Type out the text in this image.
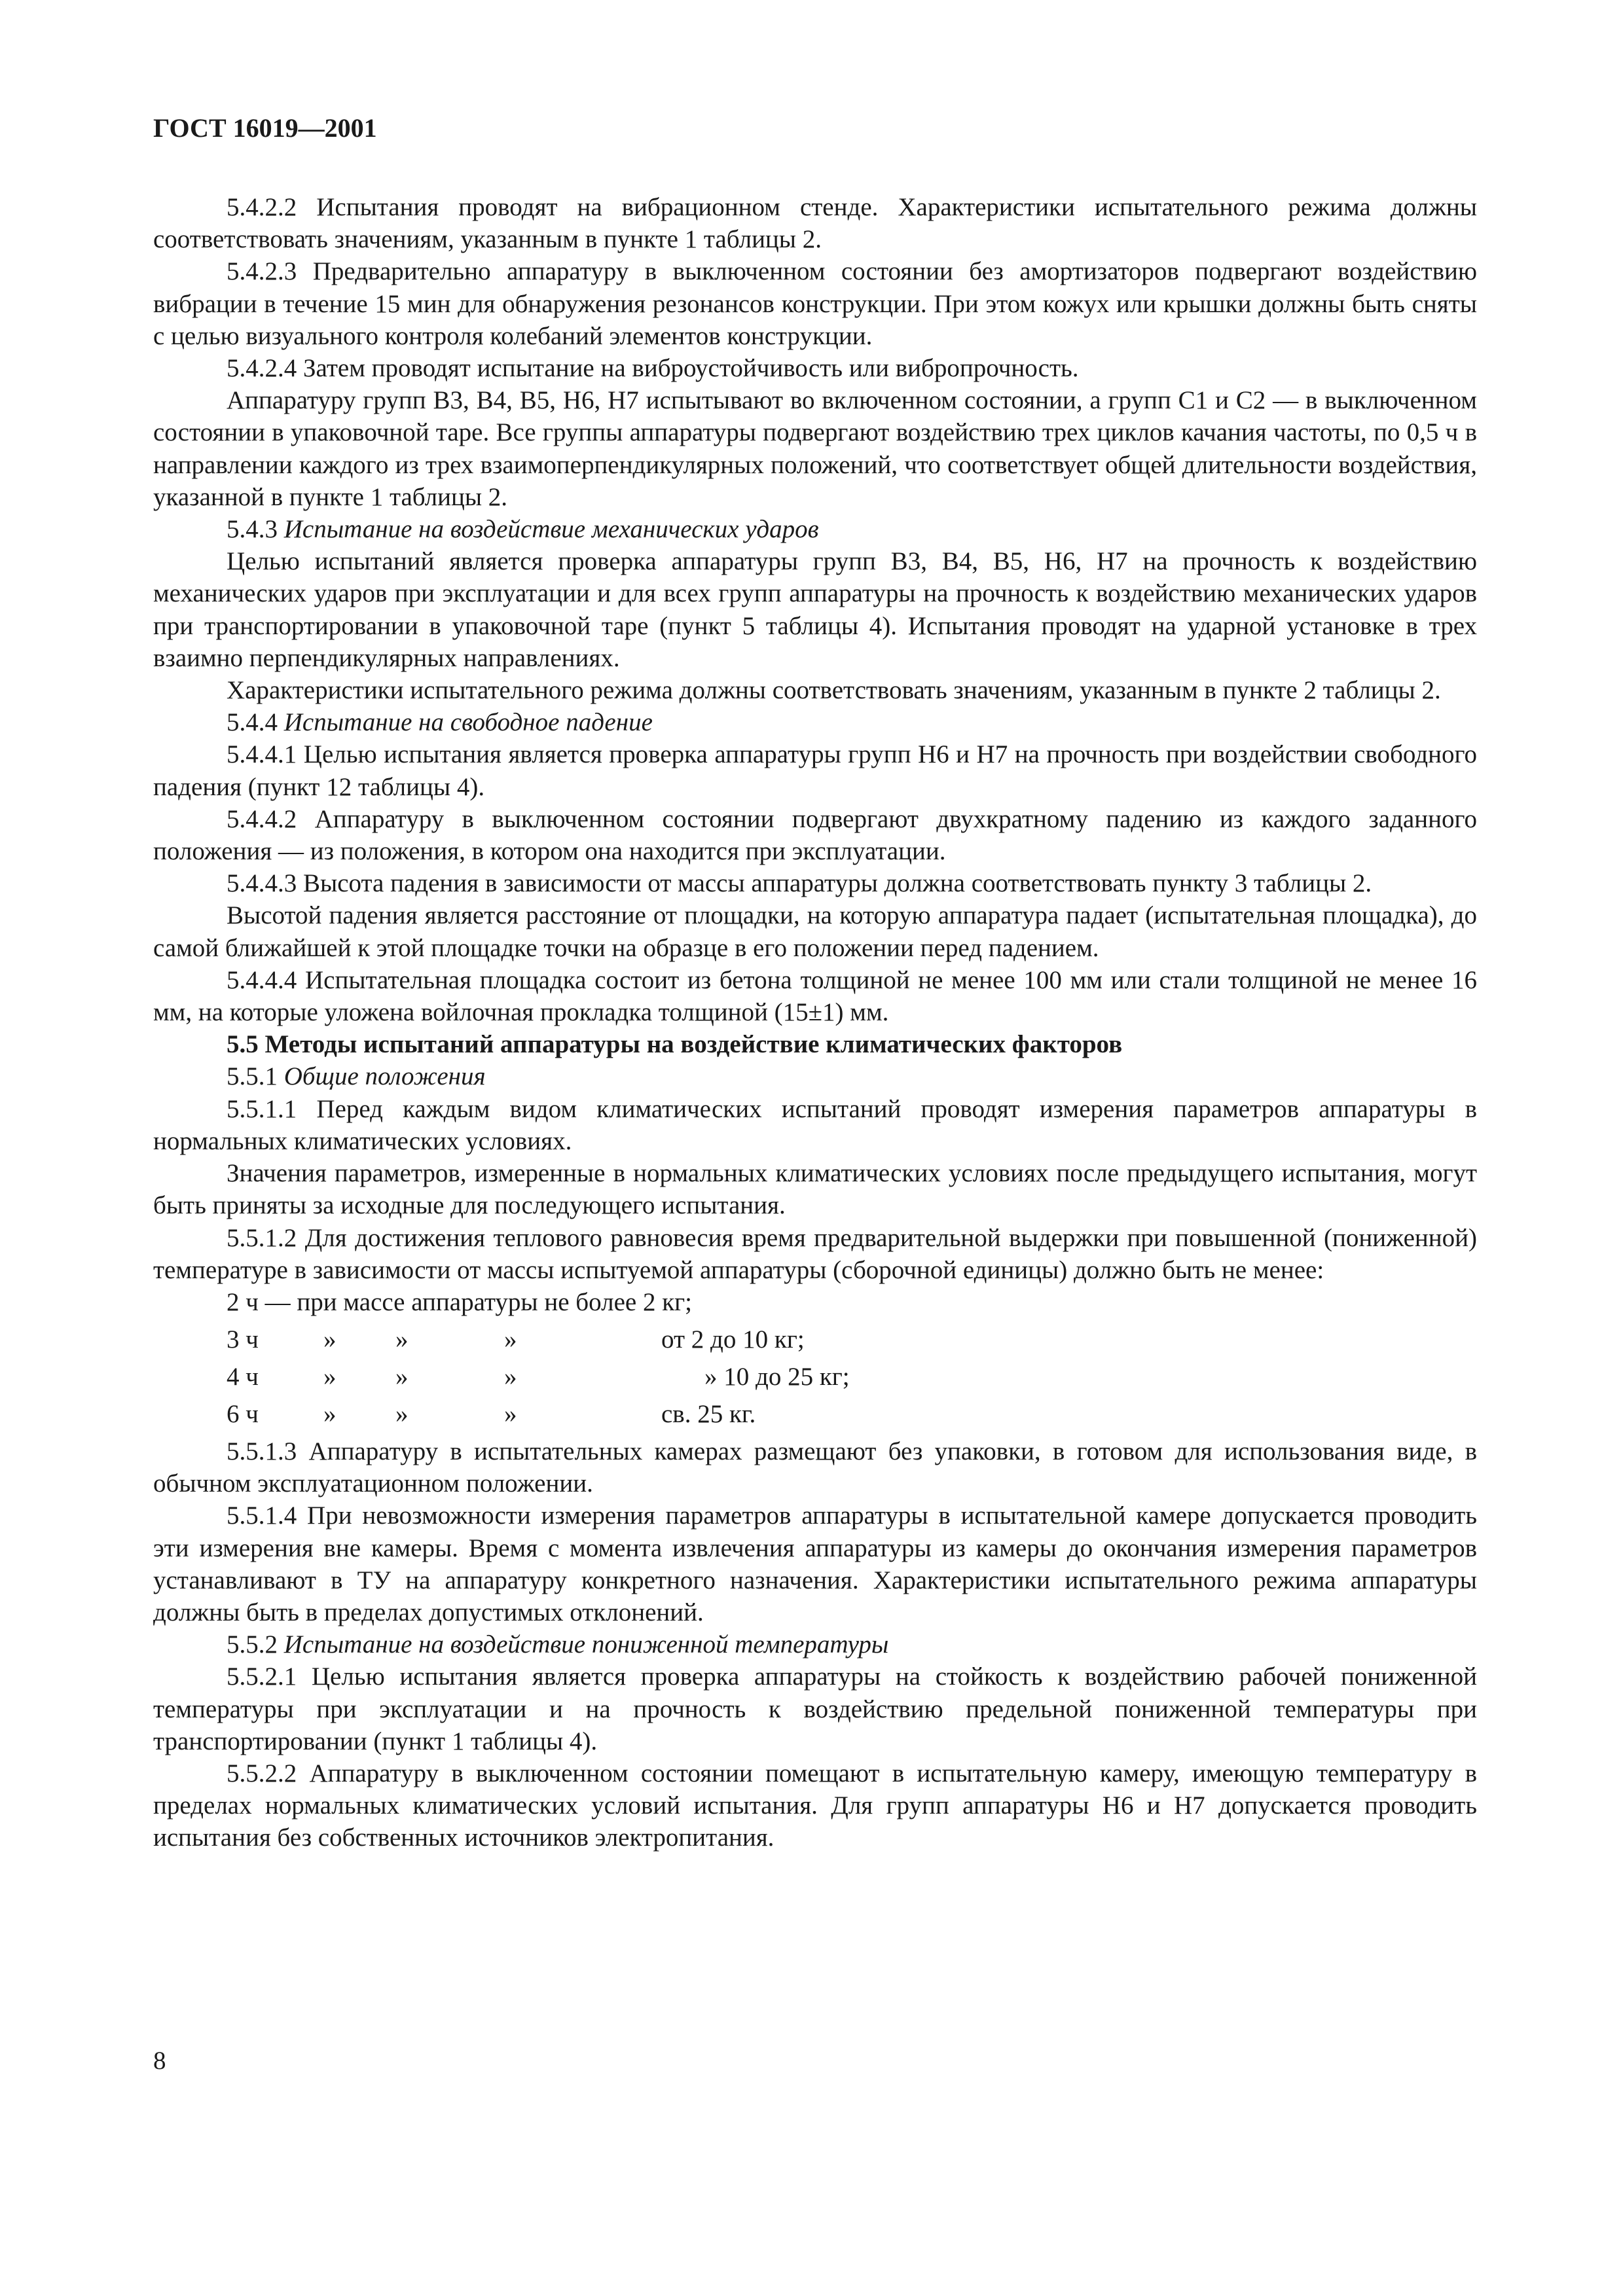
ГОСТ 16019—2001

5.4.2.2 Испытания проводят на вибрационном стенде. Характеристики испытательного режима должны соответствовать значениям, указанным в пункте 1 таблицы 2.

5.4.2.3 Предварительно аппаратуру в выключенном состоянии без амортизаторов подвергают воздействию вибрации в течение 15 мин для обнаружения резонансов конструкции. При этом кожух или крышки должны быть сняты с целью визуального контроля колебаний элементов конструкции.

5.4.2.4 Затем проводят испытание на виброустойчивость или вибропрочность.

Аппаратуру групп В3, В4, В5, Н6, Н7 испытывают во включенном состоянии, а групп С1 и С2 — в выключенном состоянии в упаковочной таре. Все группы аппаратуры подвергают воздействию трех циклов качания частоты, по 0,5 ч в направлении каждого из трех взаимоперпендикулярных положений, что соответствует общей длительности воздействия, указанной в пункте 1 таблицы 2.

5.4.3 Испытание на воздействие механических ударов

Целью испытаний является проверка аппаратуры групп В3, В4, В5, Н6, Н7 на прочность к воздействию механических ударов при эксплуатации и для всех групп аппаратуры на прочность к воздействию механических ударов при транспортировании в упаковочной таре (пункт 5 таблицы 4). Испытания проводят на ударной установке в трех взаимно перпендикулярных направлениях.

Характеристики испытательного режима должны соответствовать значениям, указанным в пункте 2 таблицы 2.

5.4.4 Испытание на свободное падение

5.4.4.1 Целью испытания является проверка аппаратуры групп Н6 и Н7 на прочность при воздействии свободного падения (пункт 12 таблицы 4).

5.4.4.2 Аппаратуру в выключенном состоянии подвергают двухкратному падению из каждого заданного положения — из положения, в котором она находится при эксплуатации.

5.4.4.3 Высота падения в зависимости от массы аппаратуры должна соответствовать пункту 3 таблицы 2.

Высотой падения является расстояние от площадки, на которую аппаратура падает (испытательная площадка), до самой ближайшей к этой площадке точки на образце в его положении перед падением.

5.4.4.4 Испытательная площадка состоит из бетона толщиной не менее 100 мм или стали толщиной не менее 16 мм, на которые уложена войлочная прокладка толщиной (15±1) мм.

5.5 Методы испытаний аппаратуры на воздействие климатических факторов

5.5.1 Общие положения

5.5.1.1 Перед каждым видом климатических испытаний проводят измерения параметров аппаратуры в нормальных климатических условиях.

Значения параметров, измеренные в нормальных климатических условиях после предыдущего испытания, могут быть приняты за исходные для последующего испытания.

5.5.1.2 Для достижения теплового равновесия время предварительной выдержки при повышенной (пониженной) температуре в зависимости от массы испытуемой аппаратуры (сборочной единицы) должно быть не менее:

2 ч — при массе аппаратуры не более 2 кг;
3 ч	» »	»	от 2 до 10 кг;
4 ч	» »	»	» 10 до 25 кг;
6 ч	» »	»	св. 25 кг.

5.5.1.3 Аппаратуру в испытательных камерах размещают без упаковки, в готовом для использования виде, в обычном эксплуатационном положении.

5.5.1.4 При невозможности измерения параметров аппаратуры в испытательной камере допускается проводить эти измерения вне камеры. Время с момента извлечения аппаратуры из камеры до окончания измерения параметров устанавливают в ТУ на аппаратуру конкретного назначения. Характеристики испытательного режима аппаратуры должны быть в пределах допустимых отклонений.

5.5.2 Испытание на воздействие пониженной температуры

5.5.2.1 Целью испытания является проверка аппаратуры на стойкость к воздействию рабочей пониженной температуры при эксплуатации и на прочность к воздействию предельной пониженной температуры при транспортировании (пункт 1 таблицы 4).

5.5.2.2 Аппаратуру в выключенном состоянии помещают в испытательную камеру, имеющую температуру в пределах нормальных климатических условий испытания. Для групп аппаратуры Н6 и Н7 допускается проводить испытания без собственных источников электропитания.

8
